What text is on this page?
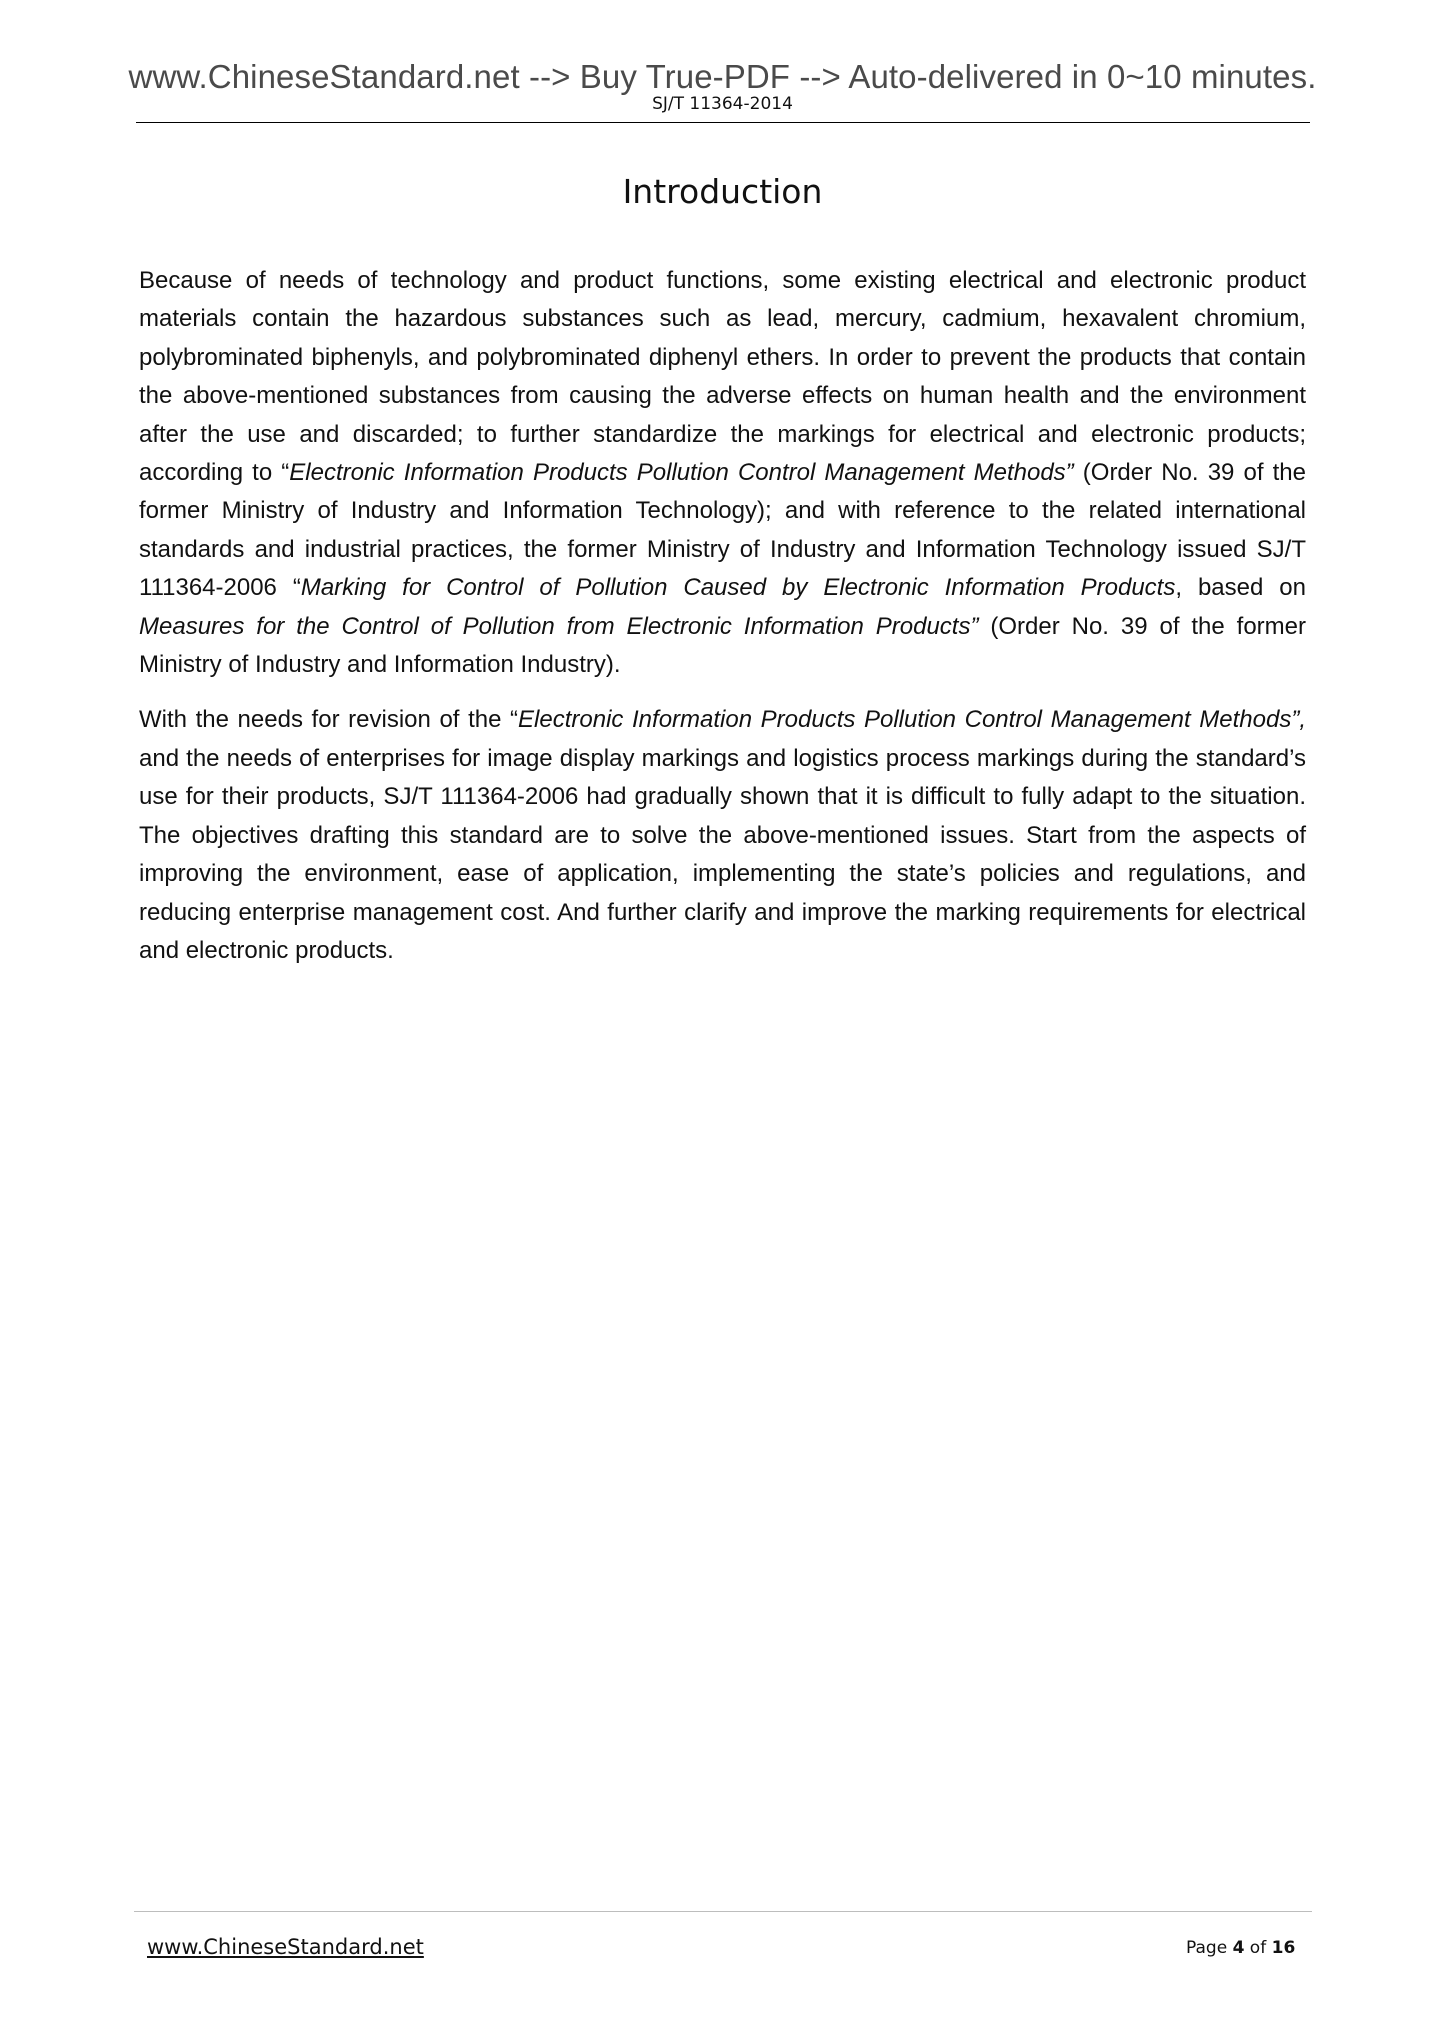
www.ChineseStandard.net --> Buy True-PDF --> Auto-delivered in 0~10 minutes.
SJ/T 11364-2014
Introduction

Because of needs of technology and product functions, some existing electrical and electronic product materials contain the hazardous substances such as lead, mercury, cadmium, hexavalent chromium, polybrominated biphenyls, and polybrominated diphenyl ethers. In order to prevent the products that contain the above-mentioned substances from causing the adverse effects on human health and the environment after the use and discarded; to further standardize the markings for electrical and electronic products; according to “Electronic Information Products Pollution Control Management Methods” (Order No. 39 of the former Ministry of Industry and Information Technology); and with reference to the related international standards and industrial practices, the former Ministry of Industry and Information Technology issued SJ/T 111364-2006 “Marking for Control of Pollution Caused by Electronic Information Products, based on Measures for the Control of Pollution from Electronic Information Products” (Order No. 39 of the former Ministry of Industry and Information Industry).

With the needs for revision of the “Electronic Information Products Pollution Control Management Methods”, and the needs of enterprises for image display markings and logistics process markings during the standard’s use for their products, SJ/T 111364-2006 had gradually shown that it is difficult to fully adapt to the situation. The objectives drafting this standard are to solve the above-mentioned issues. Start from the aspects of improving the environment, ease of application, implementing the state’s policies and regulations, and reducing enterprise management cost. And further clarify and improve the marking requirements for electrical and electronic products.

www.ChineseStandard.net	Page 4 of 16
